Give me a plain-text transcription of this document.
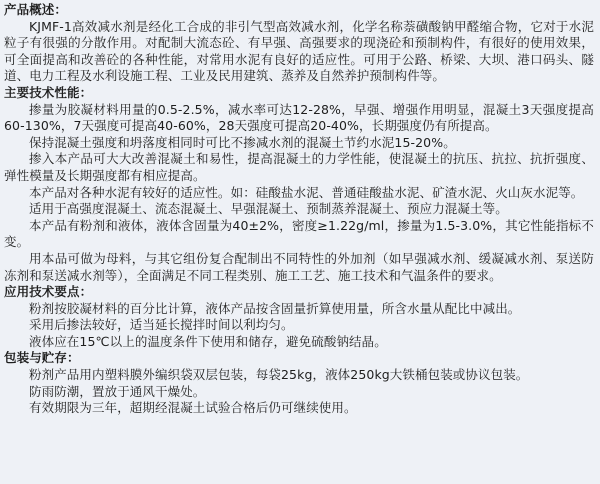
产品概述：

KJMF-1高效减水剂是经化工合成的非引气型高效减水剂，化学名称萘磺酸钠甲醛缩合物，它对于水泥粒子有很强的分散作用。对配制大流态砼、有早强、高强要求的现浇砼和预制构件，有很好的使用效果，可全面提高和改善砼的各种性能，对常用水泥有良好的适应性。可用于公路、桥梁、大坝、港口码头、隧道、电力工程及水利设施工程、工业及民用建筑、蒸养及自然养护预制构件等。

主要技术性能：

掺量为胶凝材料用量的0.5-2.5%，减水率可达12-28%，早强、增强作用明显，混凝土3天强度提高60-130%，7天强度可提高40-60%，28天强度可提高20-40%，长期强度仍有所提高。

保持混凝土强度和坍落度相同时可比不掺减水剂的混凝土节约水泥15-20%。

掺入本产品可大大改善混凝土和易性，提高混凝土的力学性能，使混凝土的抗压、抗拉、抗折强度、弹性模量及长期强度都有相应提高。

本产品对各种水泥有较好的适应性。如：硅酸盐水泥、普通硅酸盐水泥、矿渣水泥、火山灰水泥等。

适用于高强度混凝土、流态混凝土、早强混凝土、预制蒸养混凝土、预应力混凝土等。

本产品有粉剂和液体，液体含固量为40±2%，密度≥1.22g/ml，掺量为1.5-3.0%，其它性能指标不变。

用本品可做为母料，与其它组份复合配制出不同特性的外加剂（如早强减水剂、缓凝减水剂、泵送防冻剂和泵送减水剂等），全面满足不同工程类别、施工工艺、施工技术和气温条件的要求。

应用技术要点：

粉剂按胶凝材料的百分比计算，液体产品按含固量折算使用量，所含水量从配比中减出。

采用后掺法较好，适当延长搅拌时间以利均匀。

液体应在15℃以上的温度条件下使用和储存，避免硫酸钠结晶。

包装与贮存：

粉剂产品用内塑料膜外编织袋双层包装，每袋25kg，液体250kg大铁桶包装或协议包装。

防雨防潮，置放于通风干燥处。

有效期限为三年，超期经混凝土试验合格后仍可继续使用。
